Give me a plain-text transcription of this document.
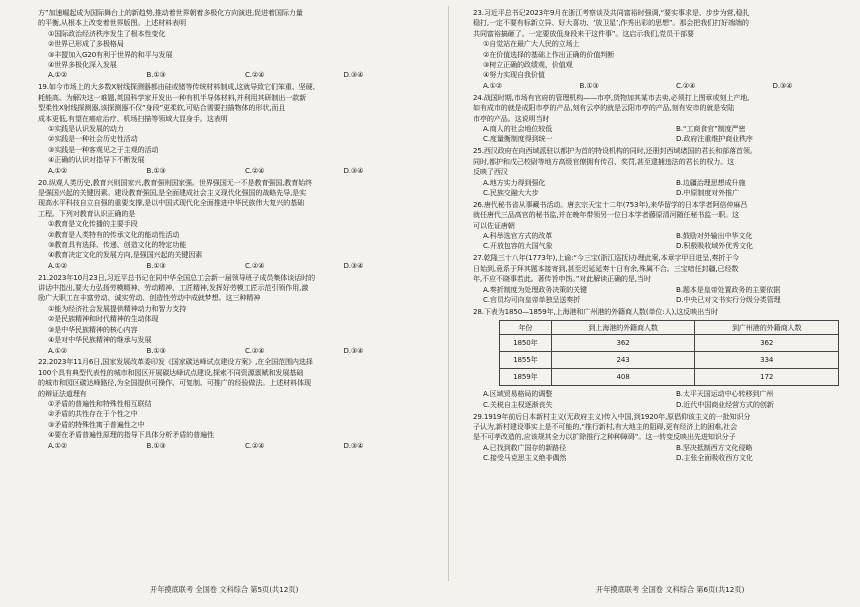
方”加速崛起成为国际舞台上的新趋势,推动着世界朝着多极化方向演进,促进着国际力量

的平衡,从根本上改变着世界版图。上述材料表明

①国际政治经济秩序发生了根本性变化
②世界已形成了多极格局
③丰盟加入G20有利于世界的和平与发展
④世界多极化深入发展
A.①②	B.①③	C.②④	D.③④

19.如今市场上的大多数X射线探测器都由硅或锗等传统材料制成,这就导致它们笨重、坚硬、

耗能高。为解决这一难题,英国科学家开发出一种有机半导体材料,并利用其研制出一款新

型柔性X射线探测器,该探测器不仅“身段”更柔软,可贴合需要扫描物体的形状,而且

成本更低,有望在癌症治疗、机场扫描等领域大显身手。这表明

①实践是认识发展的动力
②实践是一种社会历史性活动
③实践是一种客观见之于主观的活动
④正确的认识对指导下不断发展
A.①②	B.①③	C.②④	D.③④

20.纵观人类历史,教育兴则国家兴,教育强则国家强。世界强国无一不是教育强国,教育始终

是强国兴起的关键因素。建设教育强国,是全面建成社会主义现代化强国的战略先导,是实

现高水平科技自立自强的重要支撑,是以中国式现代化全面推进中华民族伟大复兴的基础

工程。下列对教育认识正确的是

①教育是文化传播的主要手段
②教育是人类特有的传承文化的能动性活动
③教育具有选择、传递、创造文化的特定功能
④教育决定文化的发展方向,是强国兴起的关键因素
A.①②	B.①③	C.②④	D.③④

21.2023年10月23日,习近平总书记在同中华全国总工会新一届领导班子成员集体谈话时的

讲话中指出,要大力弘扬劳模精神、劳动精神、工匠精神,发挥好劳模工匠示范引领作用,激

励广大职工在丰富劳动、诚实劳动、创造性劳动中成就梦想。这三种精神

①能为经济社会发展提供精神动力和智力支持
②是民族精神和时代精神的生动体现
③是中华民族精神的核心内容
④是对中华民族精神的继承与发展
A.①②	B.①③	C.②④	D.③④

22.2023年11月6日,国家发展改革委印发《国家碳达峰试点建设方案》,在全国范围内选择

100个具有典型代表性的城市和园区开展碳达峰试点建设,探索不同资源禀赋和发展基础

的城市和园区碳达峰路径,为全国提供可操作、可复制、可推广的经验做法。上述材料体现

的辩证法道理有

①矛盾的普遍性和特殊性相互联结
②矛盾的共性存在于个性之中
③矛盾的特殊性寓于普遍性之中
④要在矛盾普遍性原理的指导下具体分析矛盾的普遍性
A.①②	B.①③	C.②④	D.③④

23.习近平总书记2023年9月在浙江考察谈及共同富裕时强调,“要实事求是、步步为营,稳扎

稳打,一定不要有标新立异、好大喜功、‘放卫星’,作秀出彩的思想”。那会把我们打好端端的

共同富裕搞砸了。一定要放低身段来干这件事”。这启示我们,党员干部要

①自觉站在最广大人民的立场上
②在价值选择的基础上作出正确的价值判断
③树立正确的政绩观、价值观
④努力实现自我价值
A.①②	B.①③	C.②④	D.③④

24.战国时期,市场有官府的管理机构——市亭,货物加其某市去卖,必须打上图章或刻上产地,

如有成市的就是成阳市亭的产品,刻有云亭的就是云阳市亭的产品,刻有安市的就是安陆

市亭的产品。这说明当时

A.商人的社会地位较低	B.“工商食官”制度严密
C.度量衡制度得到统一	D.政府注重维护商业秩序

25.西汉政府在向西域派驻以都护为首的特设机构的同时,还册封西域诸国的君长和部落首领。

同时,都护和戊己校尉等地方高级官僚拥有传召、奖罚,甚至逮捕违法的君长的权力。这

反映了西汉

A.地方实力得到强化	B.边疆治理思想成升施
C.民族交融大大步	D.中原制度对外推广

26.唐代秘书省从事藏书活动。唐玄宗天宝十二年(753年),来华留学的日本学者阿倍仲麻吕

就任唐代三品高官的秘书监,并在晚年带领另一位日本学者藤原清河随任秘书监一职。这

可以佐证唐朝

A.科举选官方式的改革	B.鼓励对外输出中华文化
C.开放包容的大国气象	D.积极吸收域外优秀文化

27.乾隆三十八年(1773年),上谕:“今三宝(浙江巡抚)办理此案,本章字甲目进呈,奏折于今

日始到,竟系于拜其题本接寄到,甚至迟延延奏十日有余,殊属不合。三宝喑任封疆,已经数

年,不应不晓事若此。著传旨申饬。”对此解读正确的是,当时

A.奏折制度为处理政务决策的关键	B.题本是皇帝处置政务的主要依据
C.官员均可向皇帝单独呈送奏折	D.中央已对文书实行分级分类管理

28.下表为1850—1859年,上海港和广州港的外籍商人数(单位:人),这反映出当时

年份	到上海港的外籍商人数	到广州港的外籍商人数
1850年	362	362
1855年	243	334
1859年	408	172
A.区域贸易格局的调整	B.太平天国运动中心转移到广州
C.关税自主权逐渐丧失	D.近代中国商业经营方式的创新

29.1919年前后日本新村主义(无政府主义)传入中国,到1920年,原倡仰该主义的一批知识分

子认为,新村建设事实上是不可能的,“推行新村,有大地主的阻碍,更有经济上的困难,社会

是不可孝改造的,应该规其全力以扩除推行之种种障碍”。这一转变反映出先进知识分子

A.已找到救广国存的新路径	B.坚决抵制西方文化侵略
C.接受马克思主义绝非偶然	D.主张全面吸收西方文化
开年摸底联考 全国卷 文科综合 第5页(共12页)	开年摸底联考 全国卷 文科综合 第6页(共12页)
